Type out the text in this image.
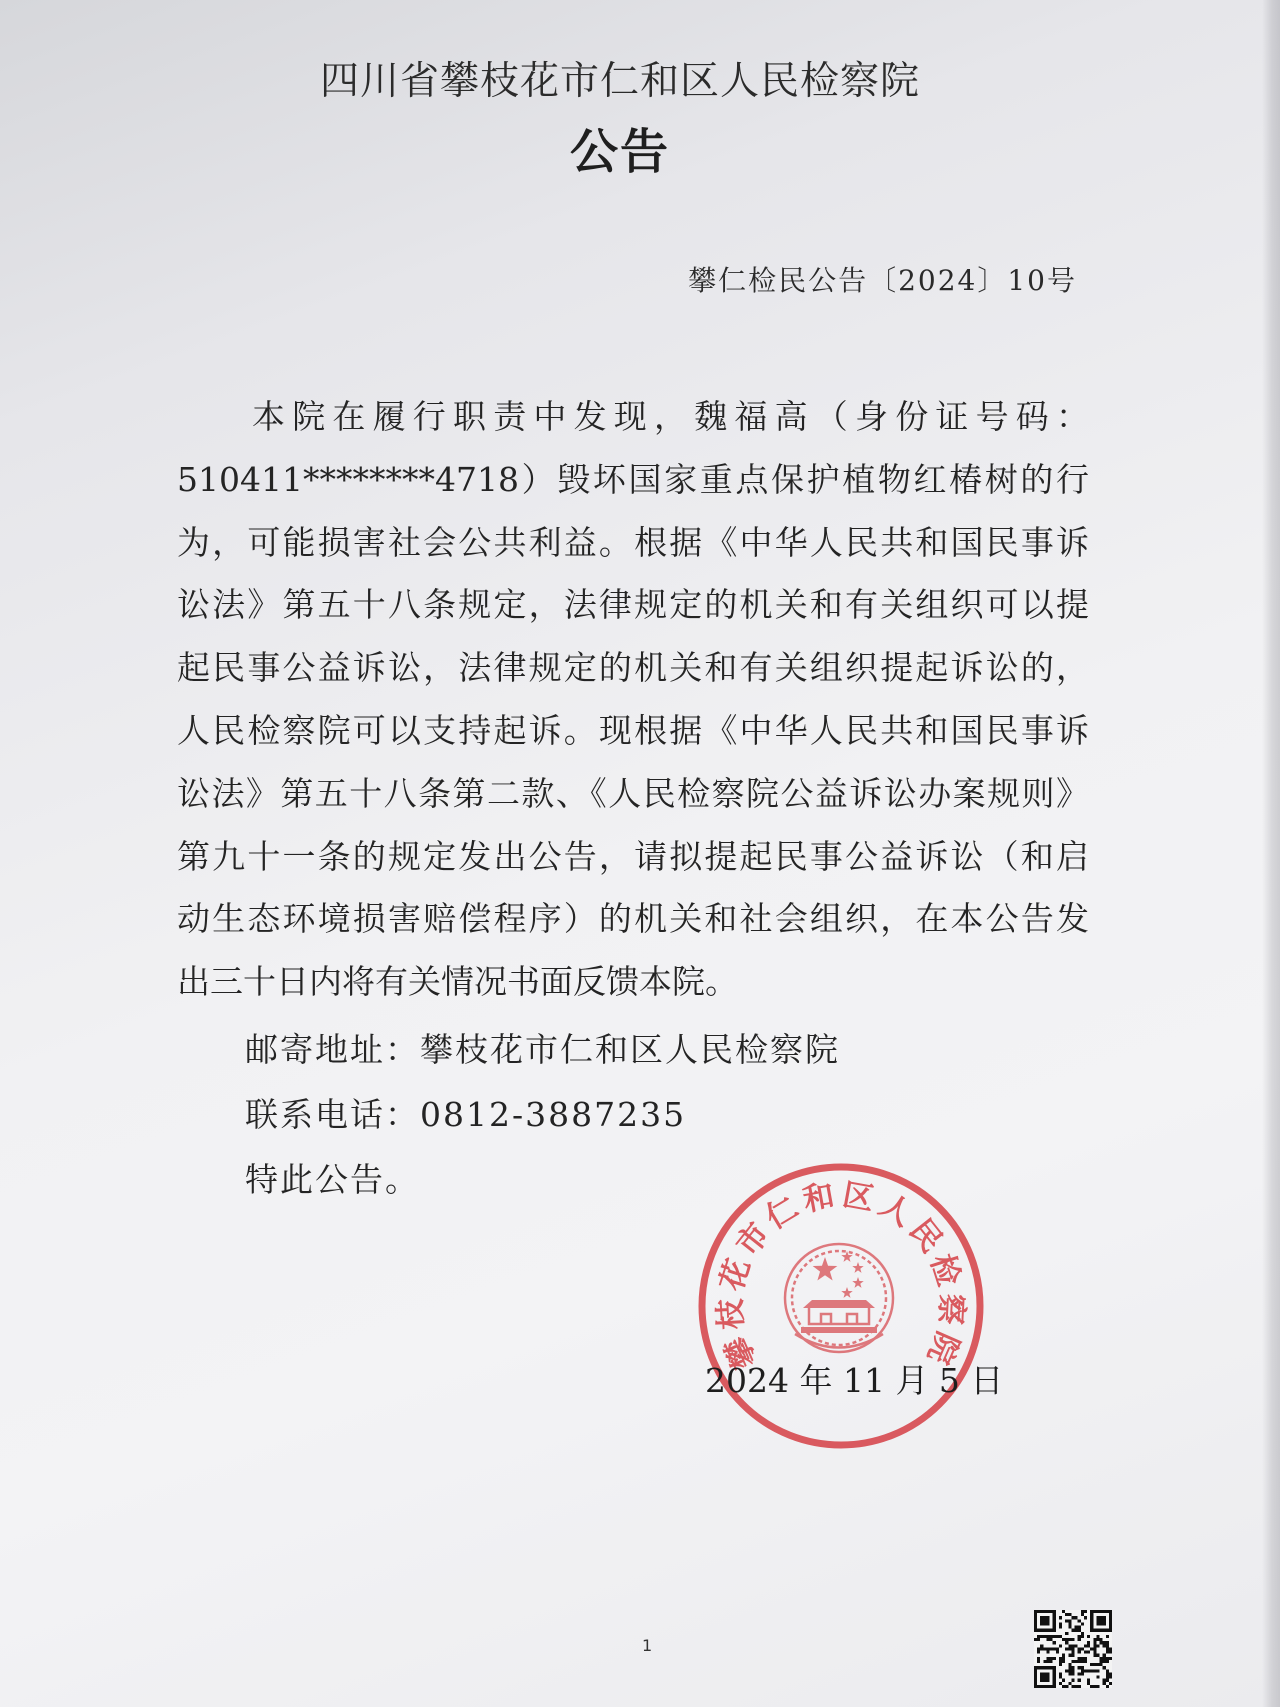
四川省攀枝花市仁和区人民检察院
公告
攀仁检民公告〔2024〕10号
本院在履行职责中发现，魏福高（身份证号码：
510411********4718）毁坏国家重点保护植物红椿树的行
为，可能损害社会公共利益。根据《中华人民共和国民事诉
讼法》第五十八条规定，法律规定的机关和有关组织可以提
起民事公益诉讼，法律规定的机关和有关组织提起诉讼的，
人民检察院可以支持起诉。现根据《中华人民共和国民事诉
讼法》第五十八条第二款、《人民检察院公益诉讼办案规则》
第九十一条的规定发出公告，请拟提起民事公益诉讼（和启
动生态环境损害赔偿程序）的机关和社会组织，在本公告发
出三十日内将有关情况书面反馈本院。
邮寄地址：攀枝花市仁和区人民检察院
联系电话：0812-3887235
特此公告。
攀枝花市仁和区人民检察院
2024 年 11 月 5 日
1
